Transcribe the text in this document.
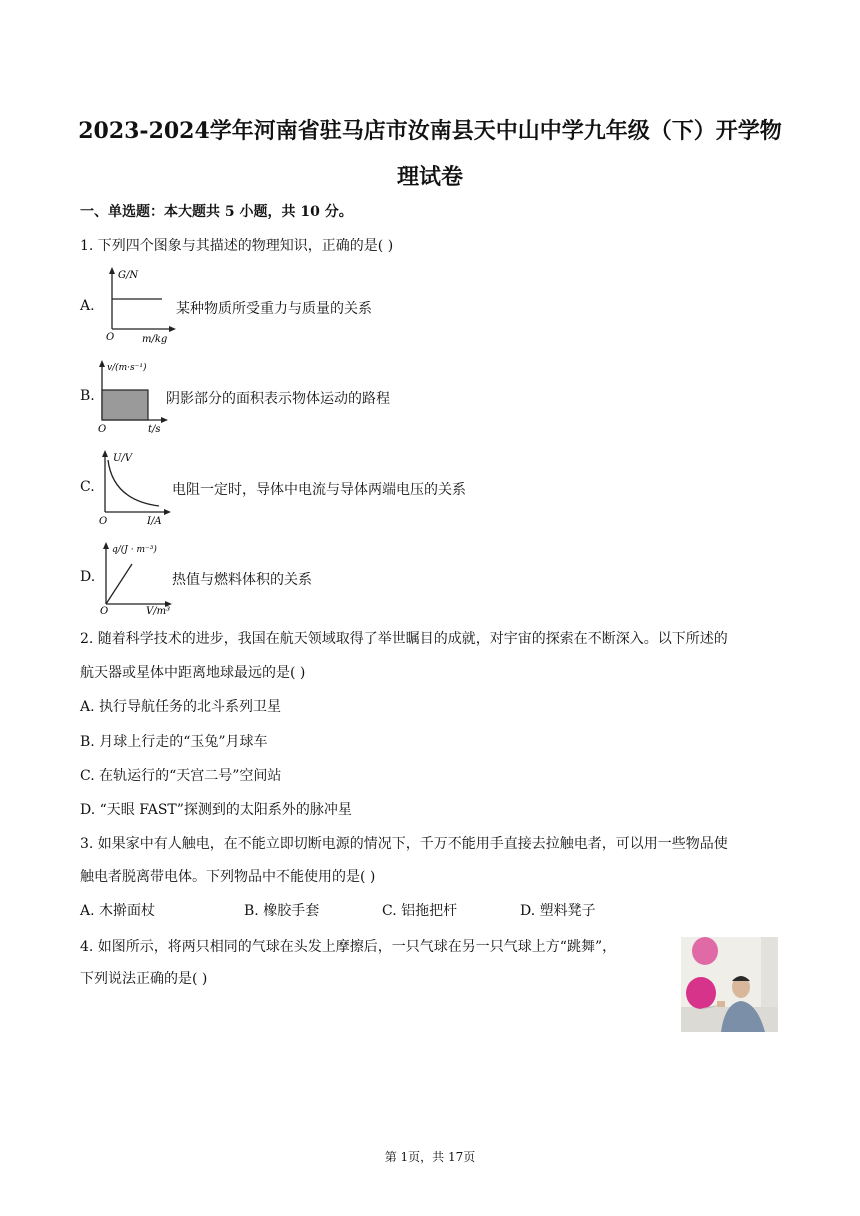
2023-2024学年河南省驻马店市汝南县天中山中学九年级（下）开学物
理试卷
一、单选题：本大题共 5 小题，共 10 分。
1. 下列四个图象与其描述的物理知识，正确的是( )
A.
G/N
m/kg
O
某种物质所受重力与质量的关系
B.
v/(m·s⁻¹)
t/s
O
阴影部分的面积表示物体运动的路程
C.
U/V
I/A
O
电阻一定时，导体中电流与导体两端电压的关系
D.
q/(J · m⁻³)
V/m³
O
热值与燃料体积的关系
2. 随着科学技术的进步，我国在航天领域取得了举世瞩目的成就，对宇宙的探索在不断深入。以下所述的
航天器或星体中距离地球最远的是( )
A. 执行导航任务的北斗系列卫星
B. 月球上行走的“玉兔”月球车
C. 在轨运行的“天宫二号”空间站
D. “天眼 FAST”探测到的太阳系外的脉冲星
3. 如果家中有人触电，在不能立即切断电源的情况下，千万不能用手直接去拉触电者，可以用一些物品使
触电者脱离带电体。下列物品中不能使用的是( )
A. 木擀面杖	B. 橡胶手套	C. 铝拖把杆	D. 塑料凳子
4. 如图所示，将两只相同的气球在头发上摩擦后，一只气球在另一只气球上方“跳舞”，
下列说法正确的是( )
第 1页，共 17页
